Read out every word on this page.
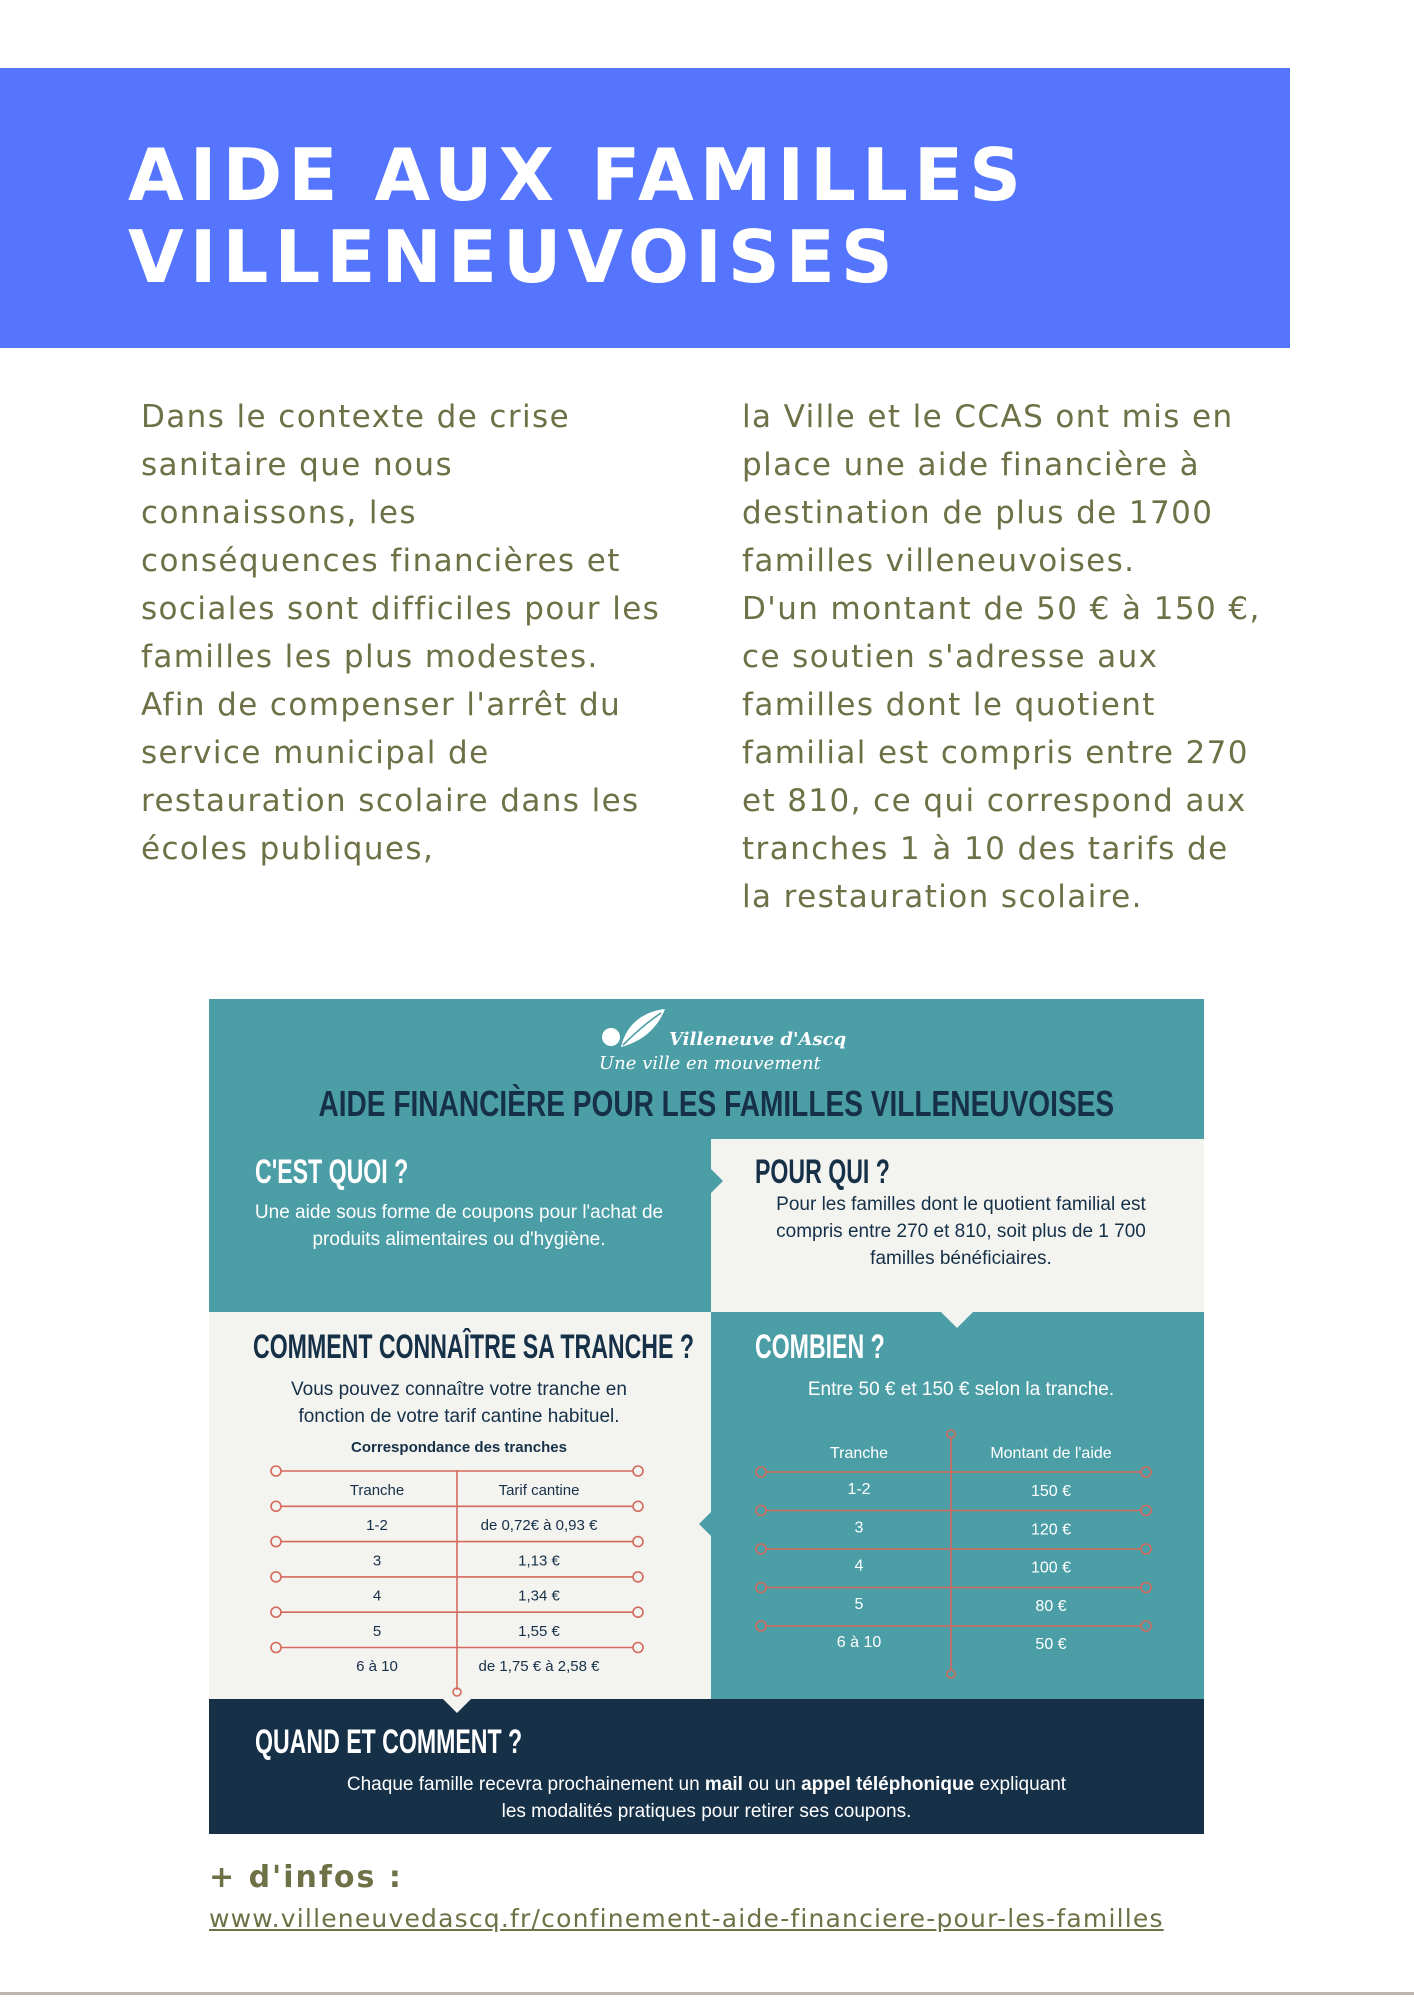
AIDE AUX FAMILLES
VILLENEUVOISES

Dans le contexte de crise sanitaire que nous connaissons, les conséquences financières et sociales sont difficiles pour les familles les plus modestes. Afin de compenser l'arrêt du service municipal de restauration scolaire dans les écoles publiques,

la Ville et le CCAS ont mis en place une aide financière à destination de plus de 1700 familles villeneuvoises.

D'un montant de 50 € à 150 €, ce soutien s'adresse aux familles dont le quotient familial est compris entre 270 et 810, ce qui correspond aux tranches 1 à 10 des tarifs de la restauration scolaire.

Villeneuve d'Ascq
Une ville en mouvement
AIDE FINANCIÈRE POUR LES FAMILLES VILLENEUVOISES
C'EST QUOI ?

Une aide sous forme de coupons pour l'achat de produits alimentaires ou d'hygiène.

POUR QUI ?

Pour les familles dont le quotient familial est compris entre 270 et 810, soit plus de 1 700 familles bénéficiaires.

COMMENT CONNAÎTRE SA TRANCHE ?

Vous pouvez connaître votre tranche en fonction de votre tarif cantine habituel.

Correspondance des tranches
Tranche	Tarif cantine
1-2	de 0,72€ à 0,93 €
3	1,13 €
4	1,34 €
5	1,55 €
6 à 10	de 1,75 € à 2,58 €
COMBIEN ?

Entre 50 € et 150 € selon la tranche.

Tranche	Montant de l'aide
1-2	150 €
3	120 €
4	100 €
5	80 €
6 à 10	50 €
QUAND ET COMMENT ?

Chaque famille recevra prochainement un mail ou un appel téléphonique expliquant
les modalités pratiques pour retirer ses coupons.

+ d'infos :
www.villeneuvedascq.fr/confinement-aide-financiere-pour-les-familles
